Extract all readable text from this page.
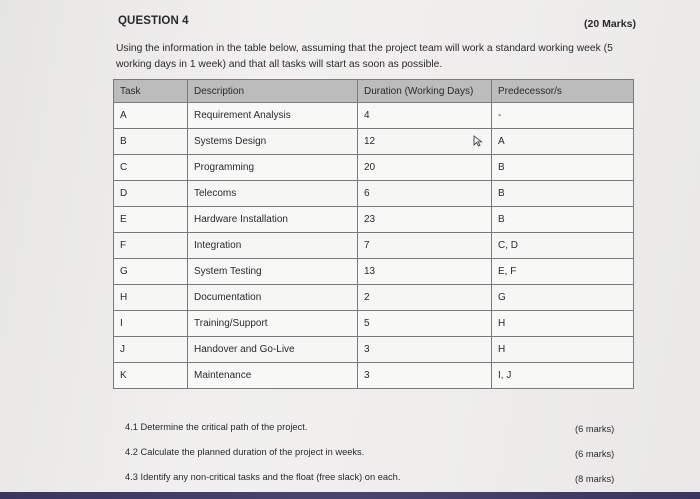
QUESTION 4	(20 Marks)
Using the information in the table below, assuming that the project team will work a standard working week (5 working days in 1 week) and that all tasks will start as soon as possible.
Task	Description	Duration (Working Days)	Predecessor/s
A	Requirement Analysis	4	-
B	Systems Design	12	A
C	Programming	20	B
D	Telecoms	6	B
E	Hardware Installation	23	B
F	Integration	7	C, D
G	System Testing	13	E, F
H	Documentation	2	G
I	Training/Support	5	H
J	Handover and Go-Live	3	H
K	Maintenance	3	I, J
4.1 Determine the critical path of the project.	(6 marks)
4.2 Calculate the planned duration of the project in weeks.	(6 marks)
4.3 Identify any non-critical tasks and the float (free slack) on each.	(8 marks)
